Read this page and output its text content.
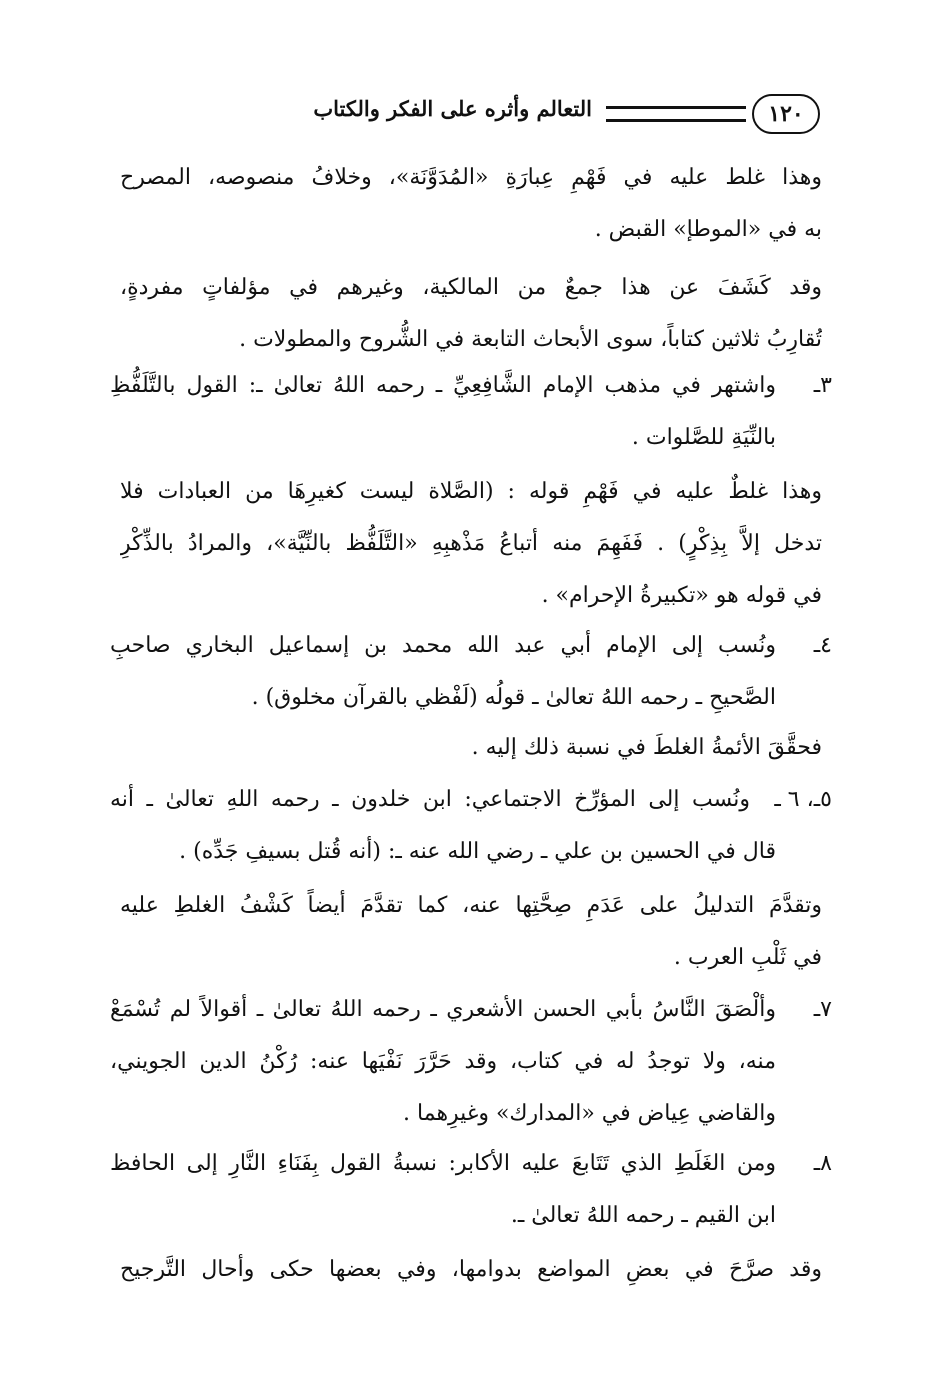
١٢٠
التعالم وأثره على الفكر والكتاب
وهذا غلط عليه في فَهْمِ عِبارَةِ «المُدَوَّنَة»، وخلافُ منصوصه، المصرح
به في «الموطإ» القبض .
وقد كَشَفَ عن هذا جمعٌ من المالكية، وغيرهم في مؤلفاتٍ مفردةٍ،
تُقارِبُ ثلاثين كتاباً، سوى الأبحاث التابعة في الشُّروح والمطولات .
٣ـ
واشتهر في مذهب الإمام الشَّافِعِيِّ ـ رحمه اللهُ تعالىٰ ـ: القول بالتَّلَفُّظِ
بالنِّيَةِ للصَّلوات .
وهذا غلطٌ عليه في فَهْمِ قوله : (الصَّلاة ليست كغيرِهَا من العبادات فلا
تدخل إلاَّ بِذِكْرٍ) . فَفَهِمَ منه أتباعُ مَذْهبِهِ «التَّلَفُّظ بالنِّيَّة»، والمرادُ بالذِّكْرِ
في قوله هو «تكبيرةُ الإحرام» .
٤ـ
ونُسب إلى الإمام أبي عبد الله محمد بن إسماعيل البخاري صاحبِ
الصَّحيحِ ـ رحمه اللهُ تعالىٰ ـ قولُه (لَفْظي بالقرآن مخلوق) .
فحقَّقَ الأئمةُ الغلطَ في نسبة ذلك إليه .
٥ـ، ٦ ـ
ونُسب إلى المؤرِّخ الاجتماعي: ابن خلدون ـ رحمه اللهِ تعالىٰ ـ أنه
قال في الحسين بن علي ـ رضي الله عنه ـ: (أنه قُتل بسيفِ جَدِّه) .
وتقدَّمَ التدليلُ على عَدَمِ صِحَّتِها عنه، كما تقدَّمَ أيضاً كَشْفُ الغلطِ عليه
في ثَلْبِ العرب .
٧ـ
وألْصَقَ النَّاسُ بأبي الحسن الأشعري ـ رحمه اللهُ تعالىٰ ـ أقوالاً لم تُسْمَعْ
منه، ولا توجدُ له في كتاب، وقد حَرَّرَ نَفْيَها عنه: رُكْنُ الدين الجويني،
والقاضي عِياض في «المدارك» وغيرِهما .
٨ـ
ومن الغَلَطِ الذي تَتَابعَ عليه الأكابر: نسبةُ القول بِفَنَاءِ النَّارِ إلى الحافظ
ابن القيم ـ رحمه اللهُ تعالىٰ ـ.
وقد صرَّحَ في بعضِ المواضع بدوامها، وفي بعضها حكى وأحال التَّرجيح
